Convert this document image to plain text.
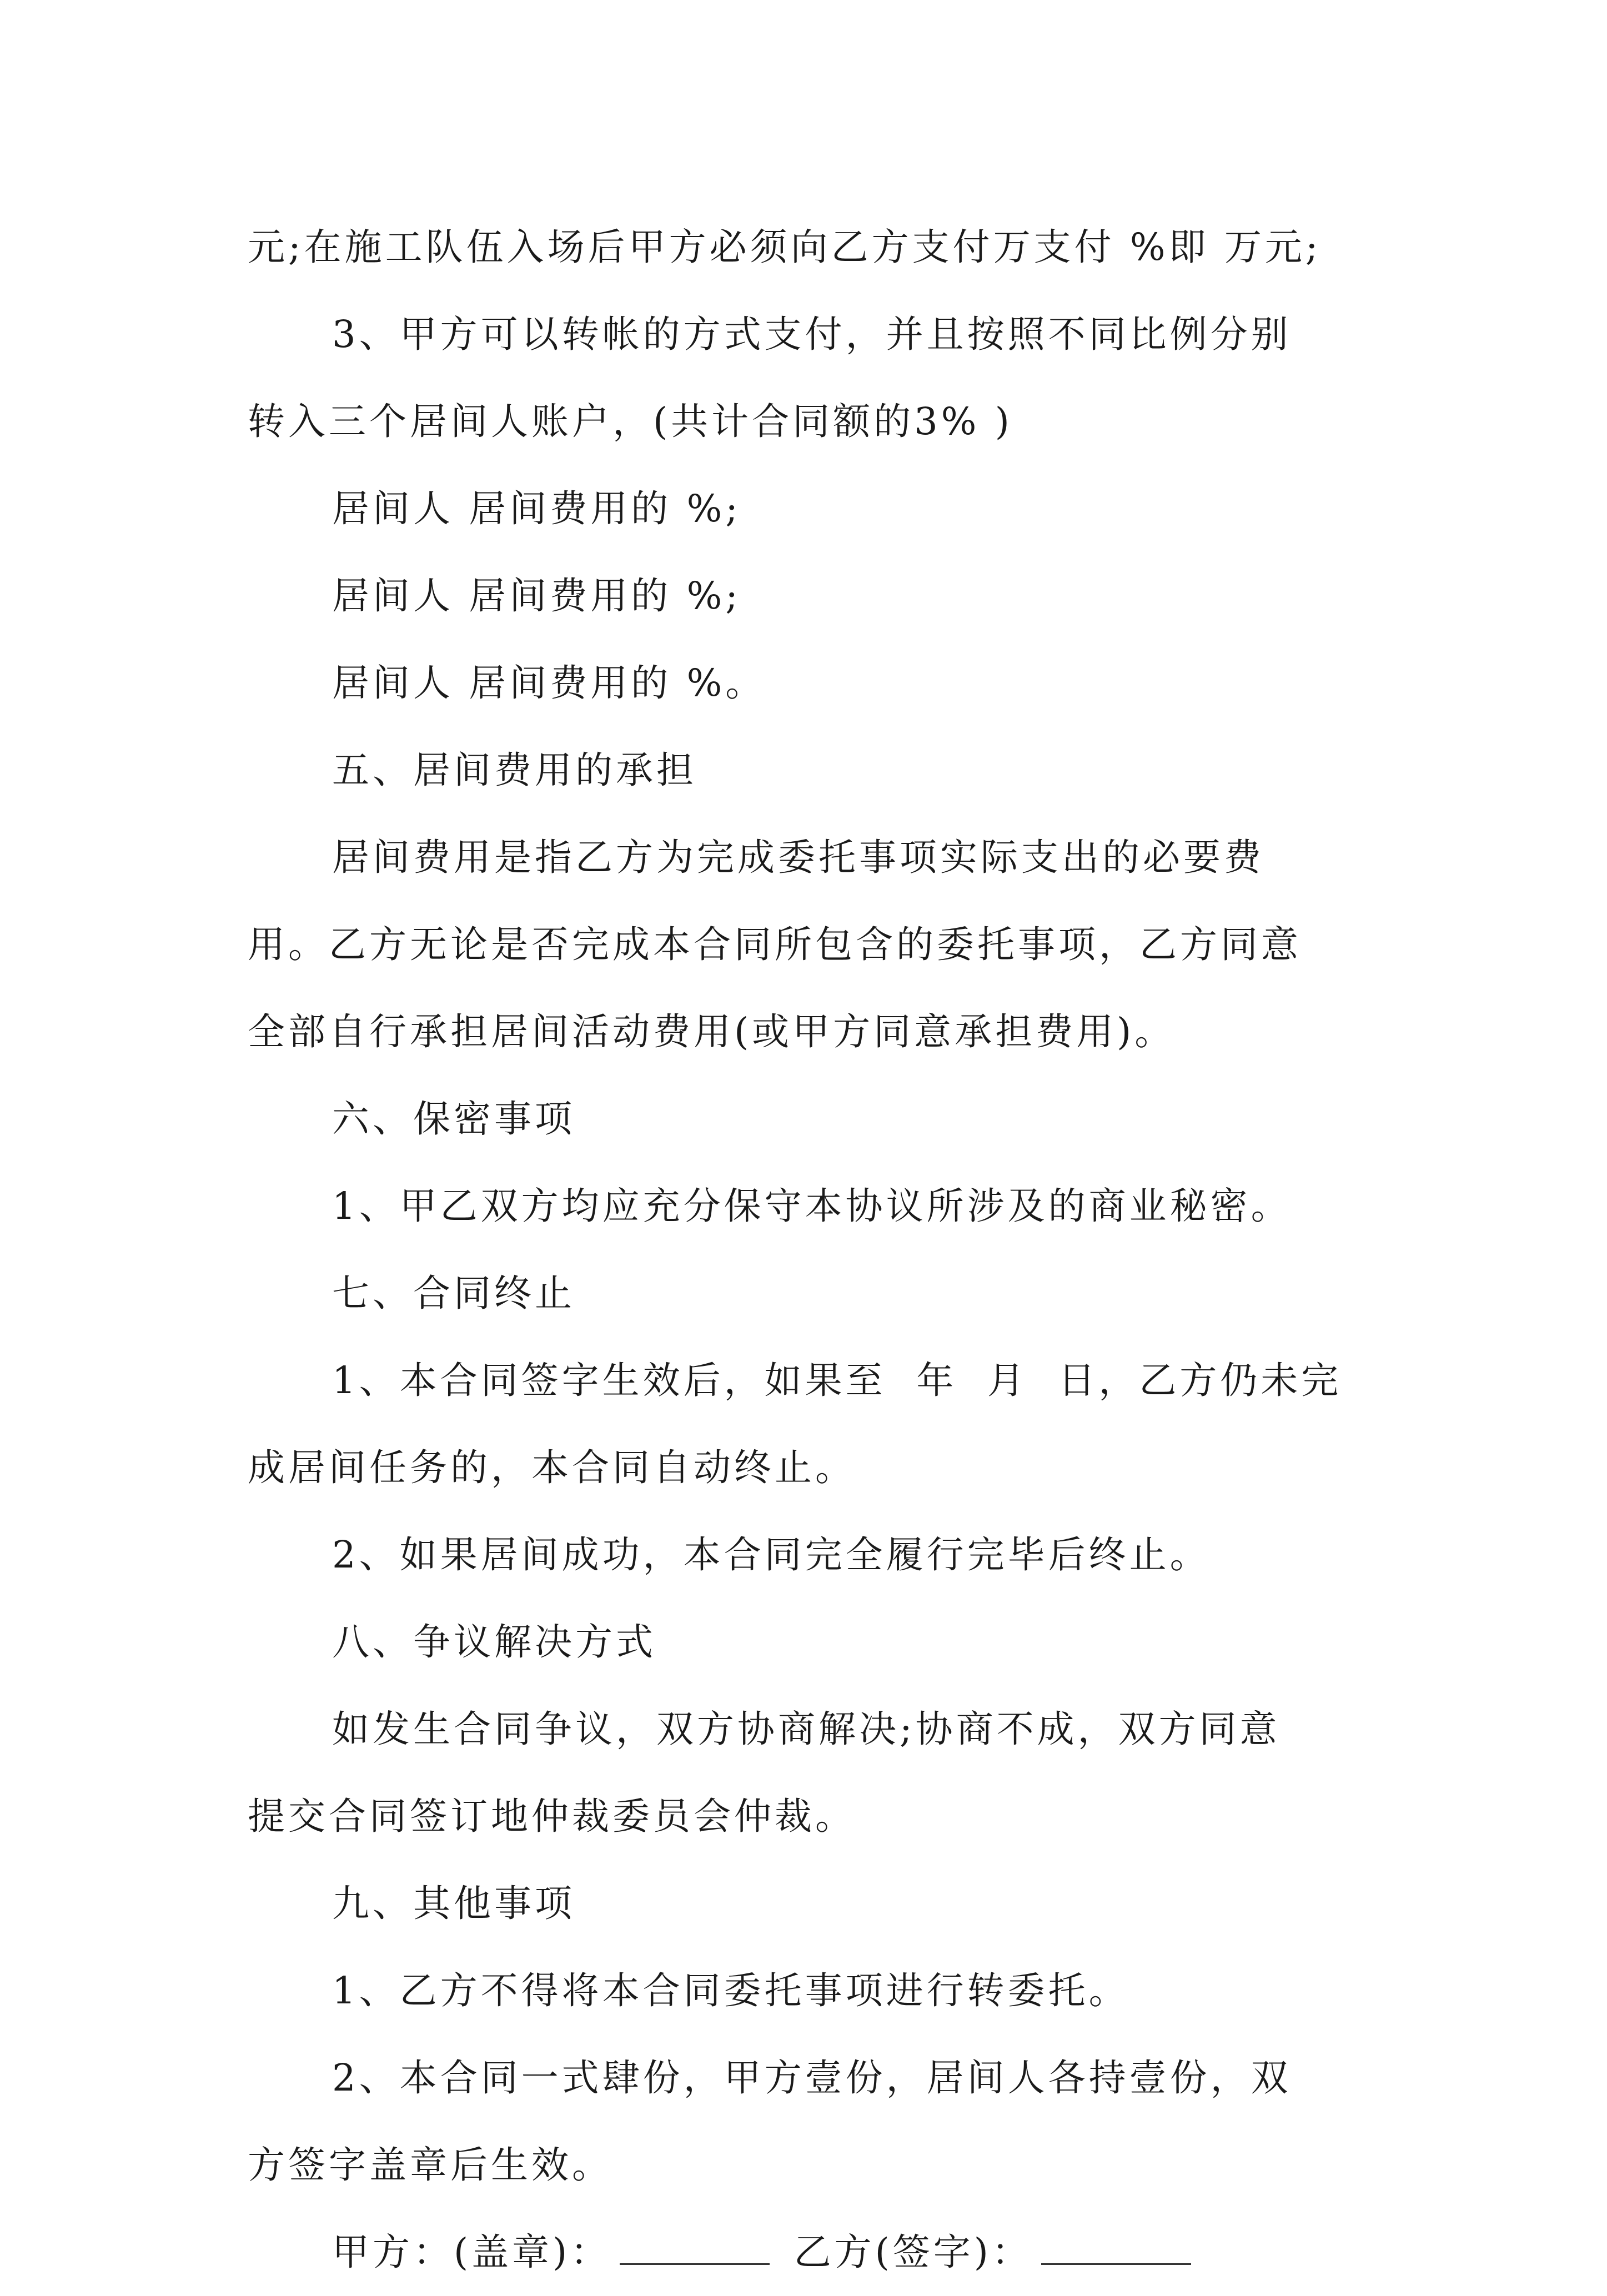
元;在施工队伍入场后甲方必须向乙方支付万支付 %即 万元;

3、甲方可以转帐的方式支付，并且按照不同比例分别
转入三个居间人账户，(共计合同额的3% )

居间人 居间费用的 %;

居间人 居间费用的 %;

居间人 居间费用的 %。

五、居间费用的承担

居间费用是指乙方为完成委托事项实际支出的必要费
用。乙方无论是否完成本合同所包含的委托事项，乙方同意
全部自行承担居间活动费用(或甲方同意承担费用)。

六、保密事项

1、甲乙双方均应充分保守本协议所涉及的商业秘密。

七、合同终止

1、本合同签字生效后，如果至  年  月  日，乙方仍未完
成居间任务的，本合同自动终止。

2、如果居间成功，本合同完全履行完毕后终止。

八、争议解决方式

如发生合同争议，双方协商解决;协商不成，双方同意
提交合同签订地仲裁委员会仲裁。

九、其他事项

1、乙方不得将本合同委托事项进行转委托。

2、本合同一式肆份，甲方壹份，居间人各持壹份，双
方签字盖章后生效。

甲方：(盖章)：	乙方(签字)：
